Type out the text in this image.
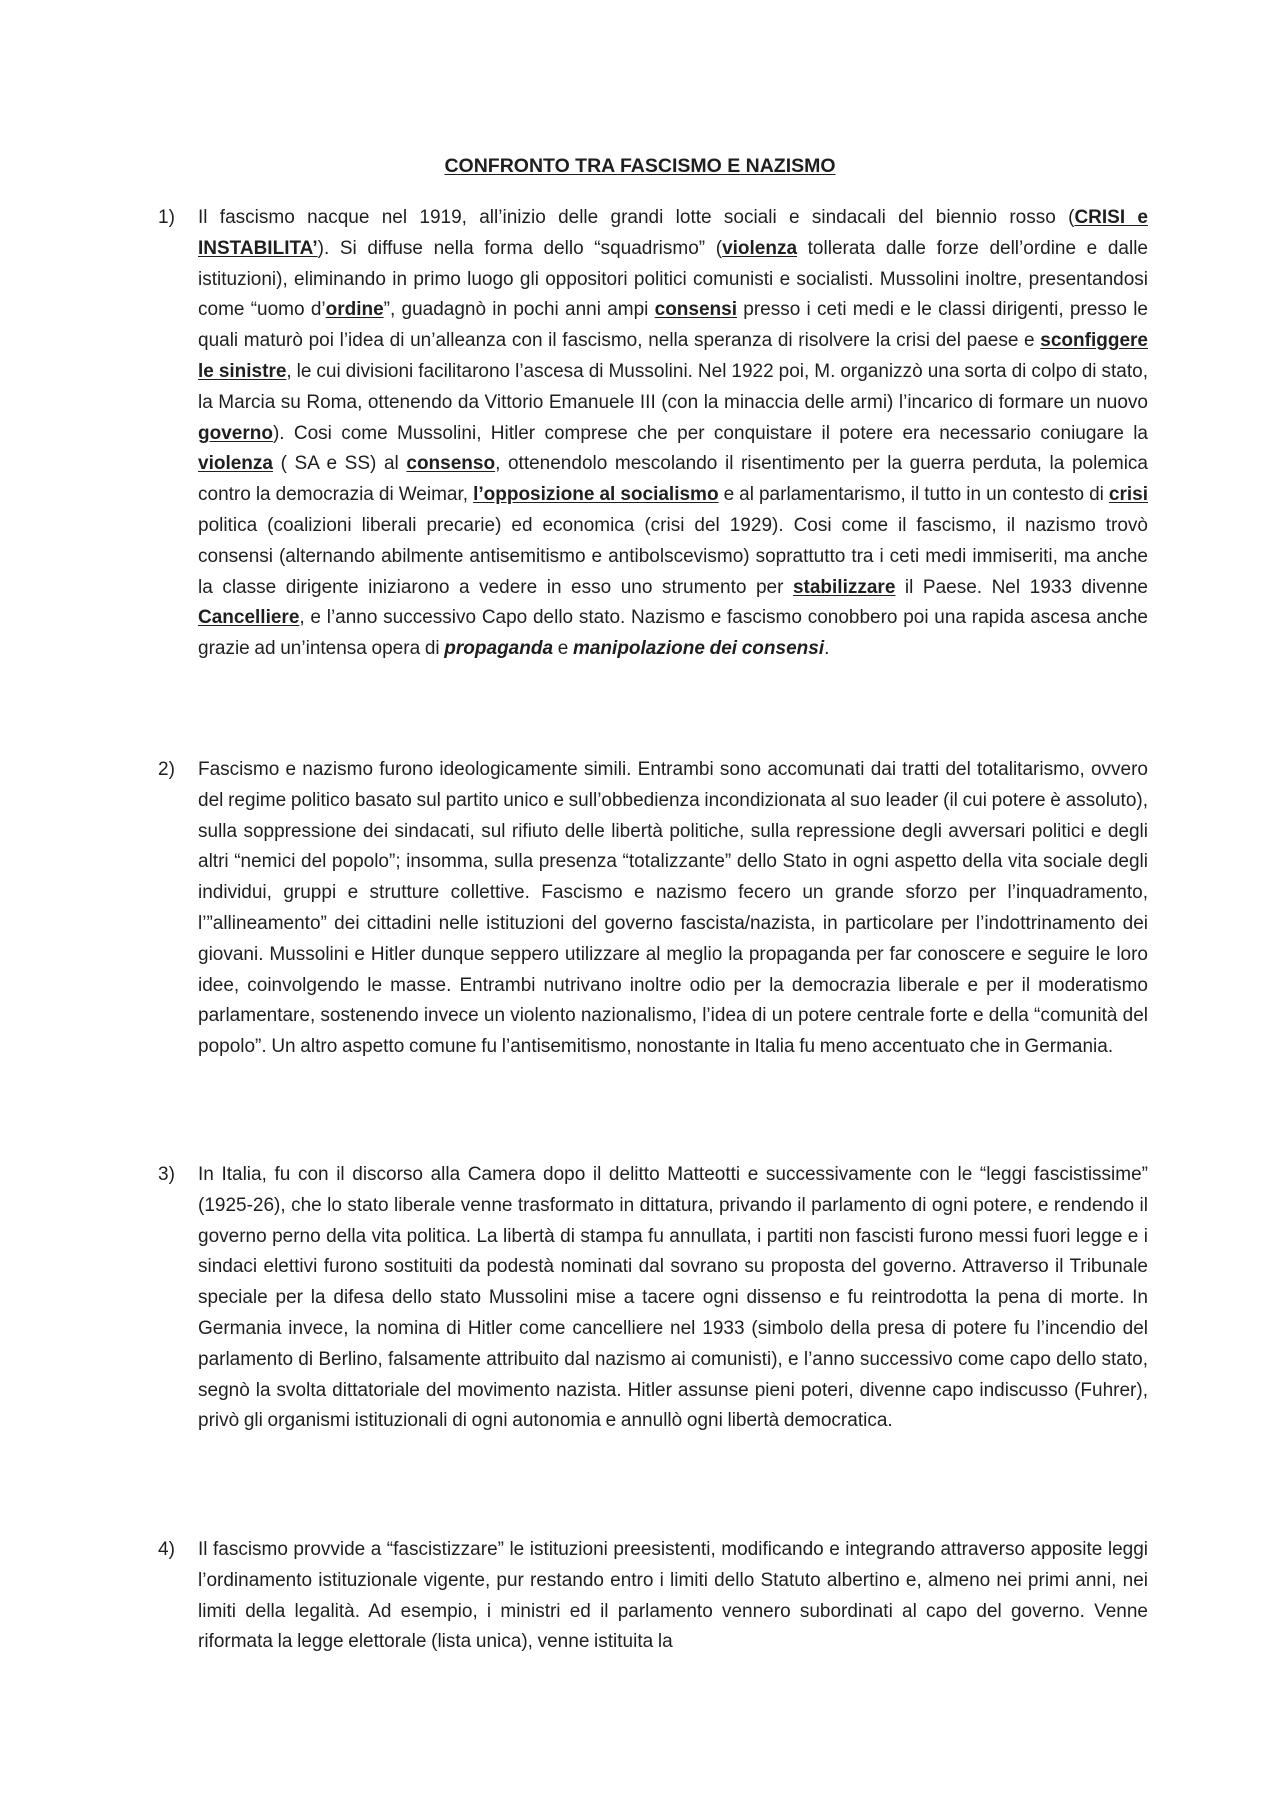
CONFRONTO TRA FASCISMO E NAZISMO
1)	Il fascismo nacque nel 1919, all’inizio delle grandi lotte sociali e sindacali del biennio rosso (CRISI e INSTABILITA’). Si diffuse nella forma dello “squadrismo” (violenza tollerata dalle forze dell’ordine e dalle istituzioni), eliminando in primo luogo gli oppositori politici comunisti e socialisti. Mussolini inoltre, presentandosi come “uomo d’ordine”, guadagnò in pochi anni ampi consensi presso i ceti medi e le classi dirigenti, presso le quali maturò poi l’idea di un’alleanza con il fascismo, nella speranza di risolvere la crisi del paese e sconfiggere le sinistre, le cui divisioni facilitarono l’ascesa di Mussolini. Nel 1922 poi, M. organizzò una sorta di colpo di stato, la Marcia su Roma, ottenendo da Vittorio Emanuele III (con la minaccia delle armi) l’incarico di formare un nuovo governo). Cosi come Mussolini, Hitler comprese che per conquistare il potere era necessario coniugare la violenza ( SA e SS) al consenso, ottenendolo mescolando il risentimento per la guerra perduta, la polemica contro la democrazia di Weimar, l’opposizione al socialismo e al parlamentarismo, il tutto in un contesto di crisi politica (coalizioni liberali precarie) ed economica (crisi del 1929). Cosi come il fascismo, il nazismo trovò consensi (alternando abilmente antisemitismo e antibolscevismo) soprattutto tra i ceti medi immiseriti, ma anche la classe dirigente iniziarono a vedere in esso uno strumento per stabilizzare il Paese. Nel 1933 divenne Cancelliere, e l’anno successivo Capo dello stato. Nazismo e fascismo conobbero poi una rapida ascesa anche grazie ad un’intensa opera di propaganda e manipolazione dei consensi.
2)	Fascismo e nazismo furono ideologicamente simili. Entrambi sono accomunati dai tratti del totalitarismo, ovvero del regime politico basato sul partito unico e sull’obbedienza incondizionata al suo leader (il cui potere è assoluto), sulla soppressione dei sindacati, sul rifiuto delle libertà politiche, sulla repressione degli avversari politici e degli altri “nemici del popolo”; insomma, sulla presenza “totalizzante” dello Stato in ogni aspetto della vita sociale degli individui, gruppi e strutture collettive. Fascismo e nazismo fecero un grande sforzo per l’inquadramento, l’”allineamento” dei cittadini nelle istituzioni del governo fascista/nazista, in particolare per l’indottrinamento dei giovani. Mussolini e Hitler dunque seppero utilizzare al meglio la propaganda per far conoscere e seguire le loro idee, coinvolgendo le masse. Entrambi nutrivano inoltre odio per la democrazia liberale e per il moderatismo parlamentare, sostenendo invece un violento nazionalismo, l’idea di un potere centrale forte e della “comunità del popolo”. Un altro aspetto comune fu l’antisemitismo, nonostante in Italia fu meno accentuato che in Germania.
3)	In Italia, fu con il discorso alla Camera dopo il delitto Matteotti e successivamente con le “leggi fascistissime” (1925-26), che lo stato liberale venne trasformato in dittatura, privando il parlamento di ogni potere, e rendendo il governo perno della vita politica. La libertà di stampa fu annullata, i partiti non fascisti furono messi fuori legge e i sindaci elettivi furono sostituiti da podestà nominati dal sovrano su proposta del governo. Attraverso il Tribunale speciale per la difesa dello stato Mussolini mise a tacere ogni dissenso e fu reintrodotta la pena di morte. In Germania invece, la nomina di Hitler come cancelliere nel 1933 (simbolo della presa di potere fu l’incendio del parlamento di Berlino, falsamente attribuito dal nazismo ai comunisti), e l’anno successivo come capo dello stato, segnò la svolta dittatoriale del movimento nazista. Hitler assunse pieni poteri, divenne capo indiscusso (Fuhrer), privò gli organismi istituzionali di ogni autonomia e annullò ogni libertà democratica.
4)	Il fascismo provvide a “fascistizzare” le istituzioni preesistenti, modificando e integrando attraverso apposite leggi l’ordinamento istituzionale vigente, pur restando entro i limiti dello Statuto albertino e, almeno nei primi anni, nei limiti della legalità. Ad esempio, i ministri ed il parlamento vennero subordinati al capo del governo. Venne riformata la legge elettorale (lista unica), venne istituita la
